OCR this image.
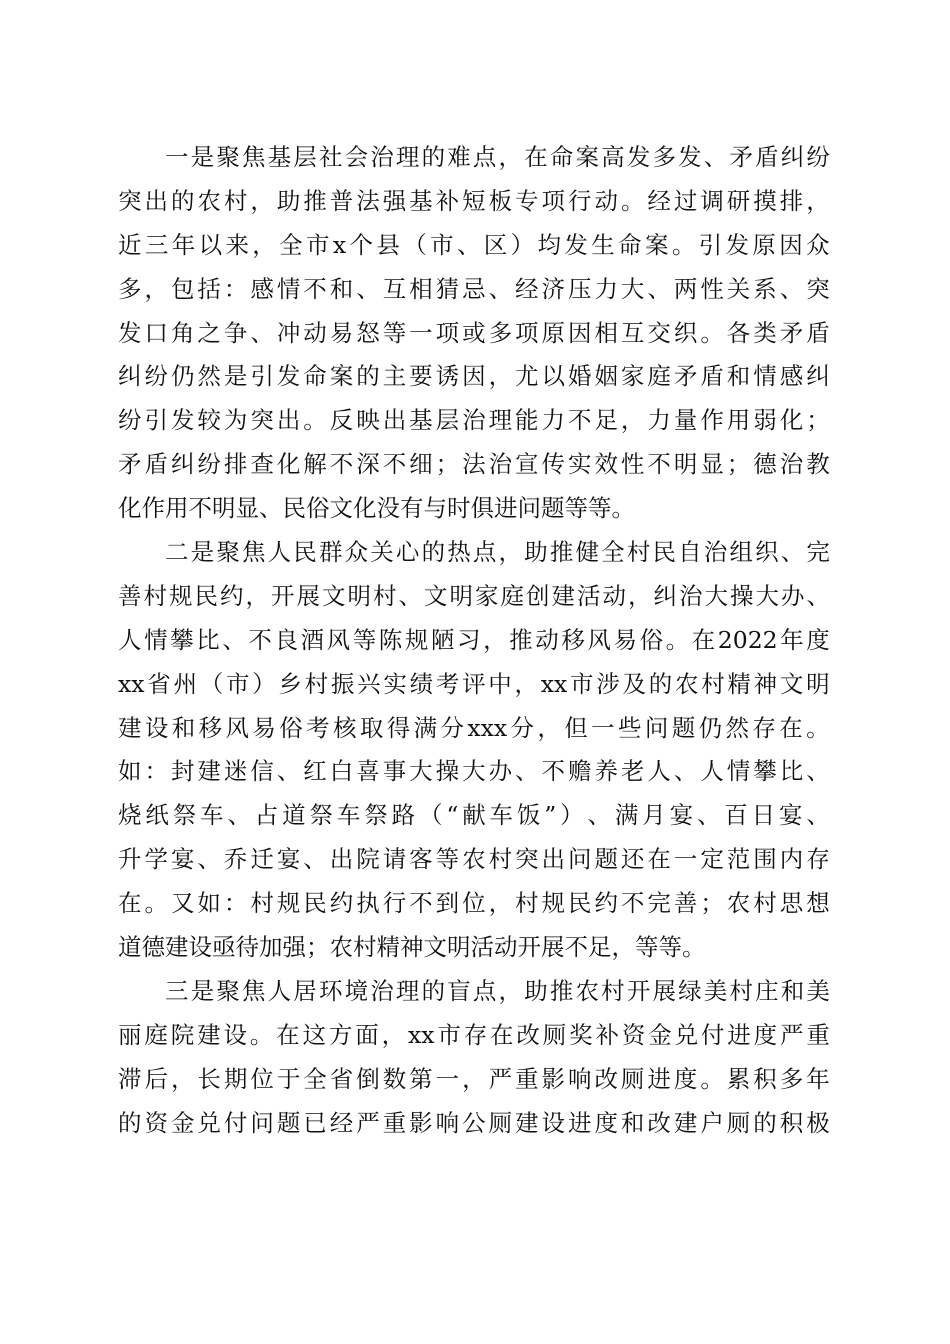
一 是 聚 焦 基 层 社 会 治 理 的 难 点 ， 在 命 案 高 发 多 发 、 矛 盾 纠 纷
突 出 的 农 村 ， 助 推 普 法 强 基 补 短 板 专 项 行 动 。 经 过 调 研 摸 排 ，
近 三 年 以 来 ， 全 市 x 个 县 （ 市 、 区 ） 均 发 生 命 案 。 引 发 原 因 众
多 ， 包 括 ： 感 情 不 和 、 互 相 猜 忌 、 经 济 压 力 大 、 两 性 关 系 、 突
发 口 角 之 争 、 冲 动 易 怒 等 一 项 或 多 项 原 因 相 互 交 织 。 各 类 矛 盾
纠 纷 仍 然 是 引 发 命 案 的 主 要 诱 因 ， 尤 以 婚 姻 家 庭 矛 盾 和 情 感 纠
纷 引 发 较 为 突 出 。 反 映 出 基 层 治 理 能 力 不 足 ， 力 量 作 用 弱 化 ；
矛 盾 纠 纷 排 查 化 解 不 深 不 细 ； 法 治 宣 传 实 效 性 不 明 显 ； 德 治 教
化作用不明显、民俗文化没有与时俱进问题等等。
二 是 聚 焦 人 民 群 众 关 心 的 热 点 ， 助 推 健 全 村 民 自 治 组 织 、 完
善 村 规 民 约 ， 开 展 文 明 村 、 文 明 家 庭 创 建 活 动 ， 纠 治 大 操 大 办 、
人 情 攀 比 、 不 良 酒 风 等 陈 规 陋 习 ， 推 动 移 风 易 俗 。 在 2022 年 度
xx 省 州 （ 市 ） 乡 村 振 兴 实 绩 考 评 中 ， xx 市 涉 及 的 农 村 精 神 文 明
建 设 和 移 风 易 俗 考 核 取 得 满 分 xxx 分 ， 但 一 些 问 题 仍 然 存 在 。
如 ： 封 建 迷 信 、 红 白 喜 事 大 操 大 办 、 不 赡 养 老 人 、 人 情 攀 比 、
烧 纸 祭 车 、 占 道 祭 车 祭 路 （ “ 献 车 饭 ” ） 、 满 月 宴 、 百 日 宴 、
升 学 宴 、 乔 迁 宴 、 出 院 请 客 等 农 村 突 出 问 题 还 在 一 定 范 围 内 存
在 。 又 如 ： 村 规 民 约 执 行 不 到 位 ， 村 规 民 约 不 完 善 ； 农 村 思 想
道德建设亟待加强；农村精神文明活动开展不足，等等。
三 是 聚 焦 人 居 环 境 治 理 的 盲 点 ， 助 推 农 村 开 展 绿 美 村 庄 和 美
丽 庭 院 建 设 。 在 这 方 面 ， xx 市 存 在 改 厕 奖 补 资 金 兑 付 进 度 严 重
滞 后 ， 长 期 位 于 全 省 倒 数 第 一 ， 严 重 影 响 改 厕 进 度 。 累 积 多 年
的 资 金 兑 付 问 题 已 经 严 重 影 响 公 厕 建 设 进 度 和 改 建 户 厕 的 积 极
